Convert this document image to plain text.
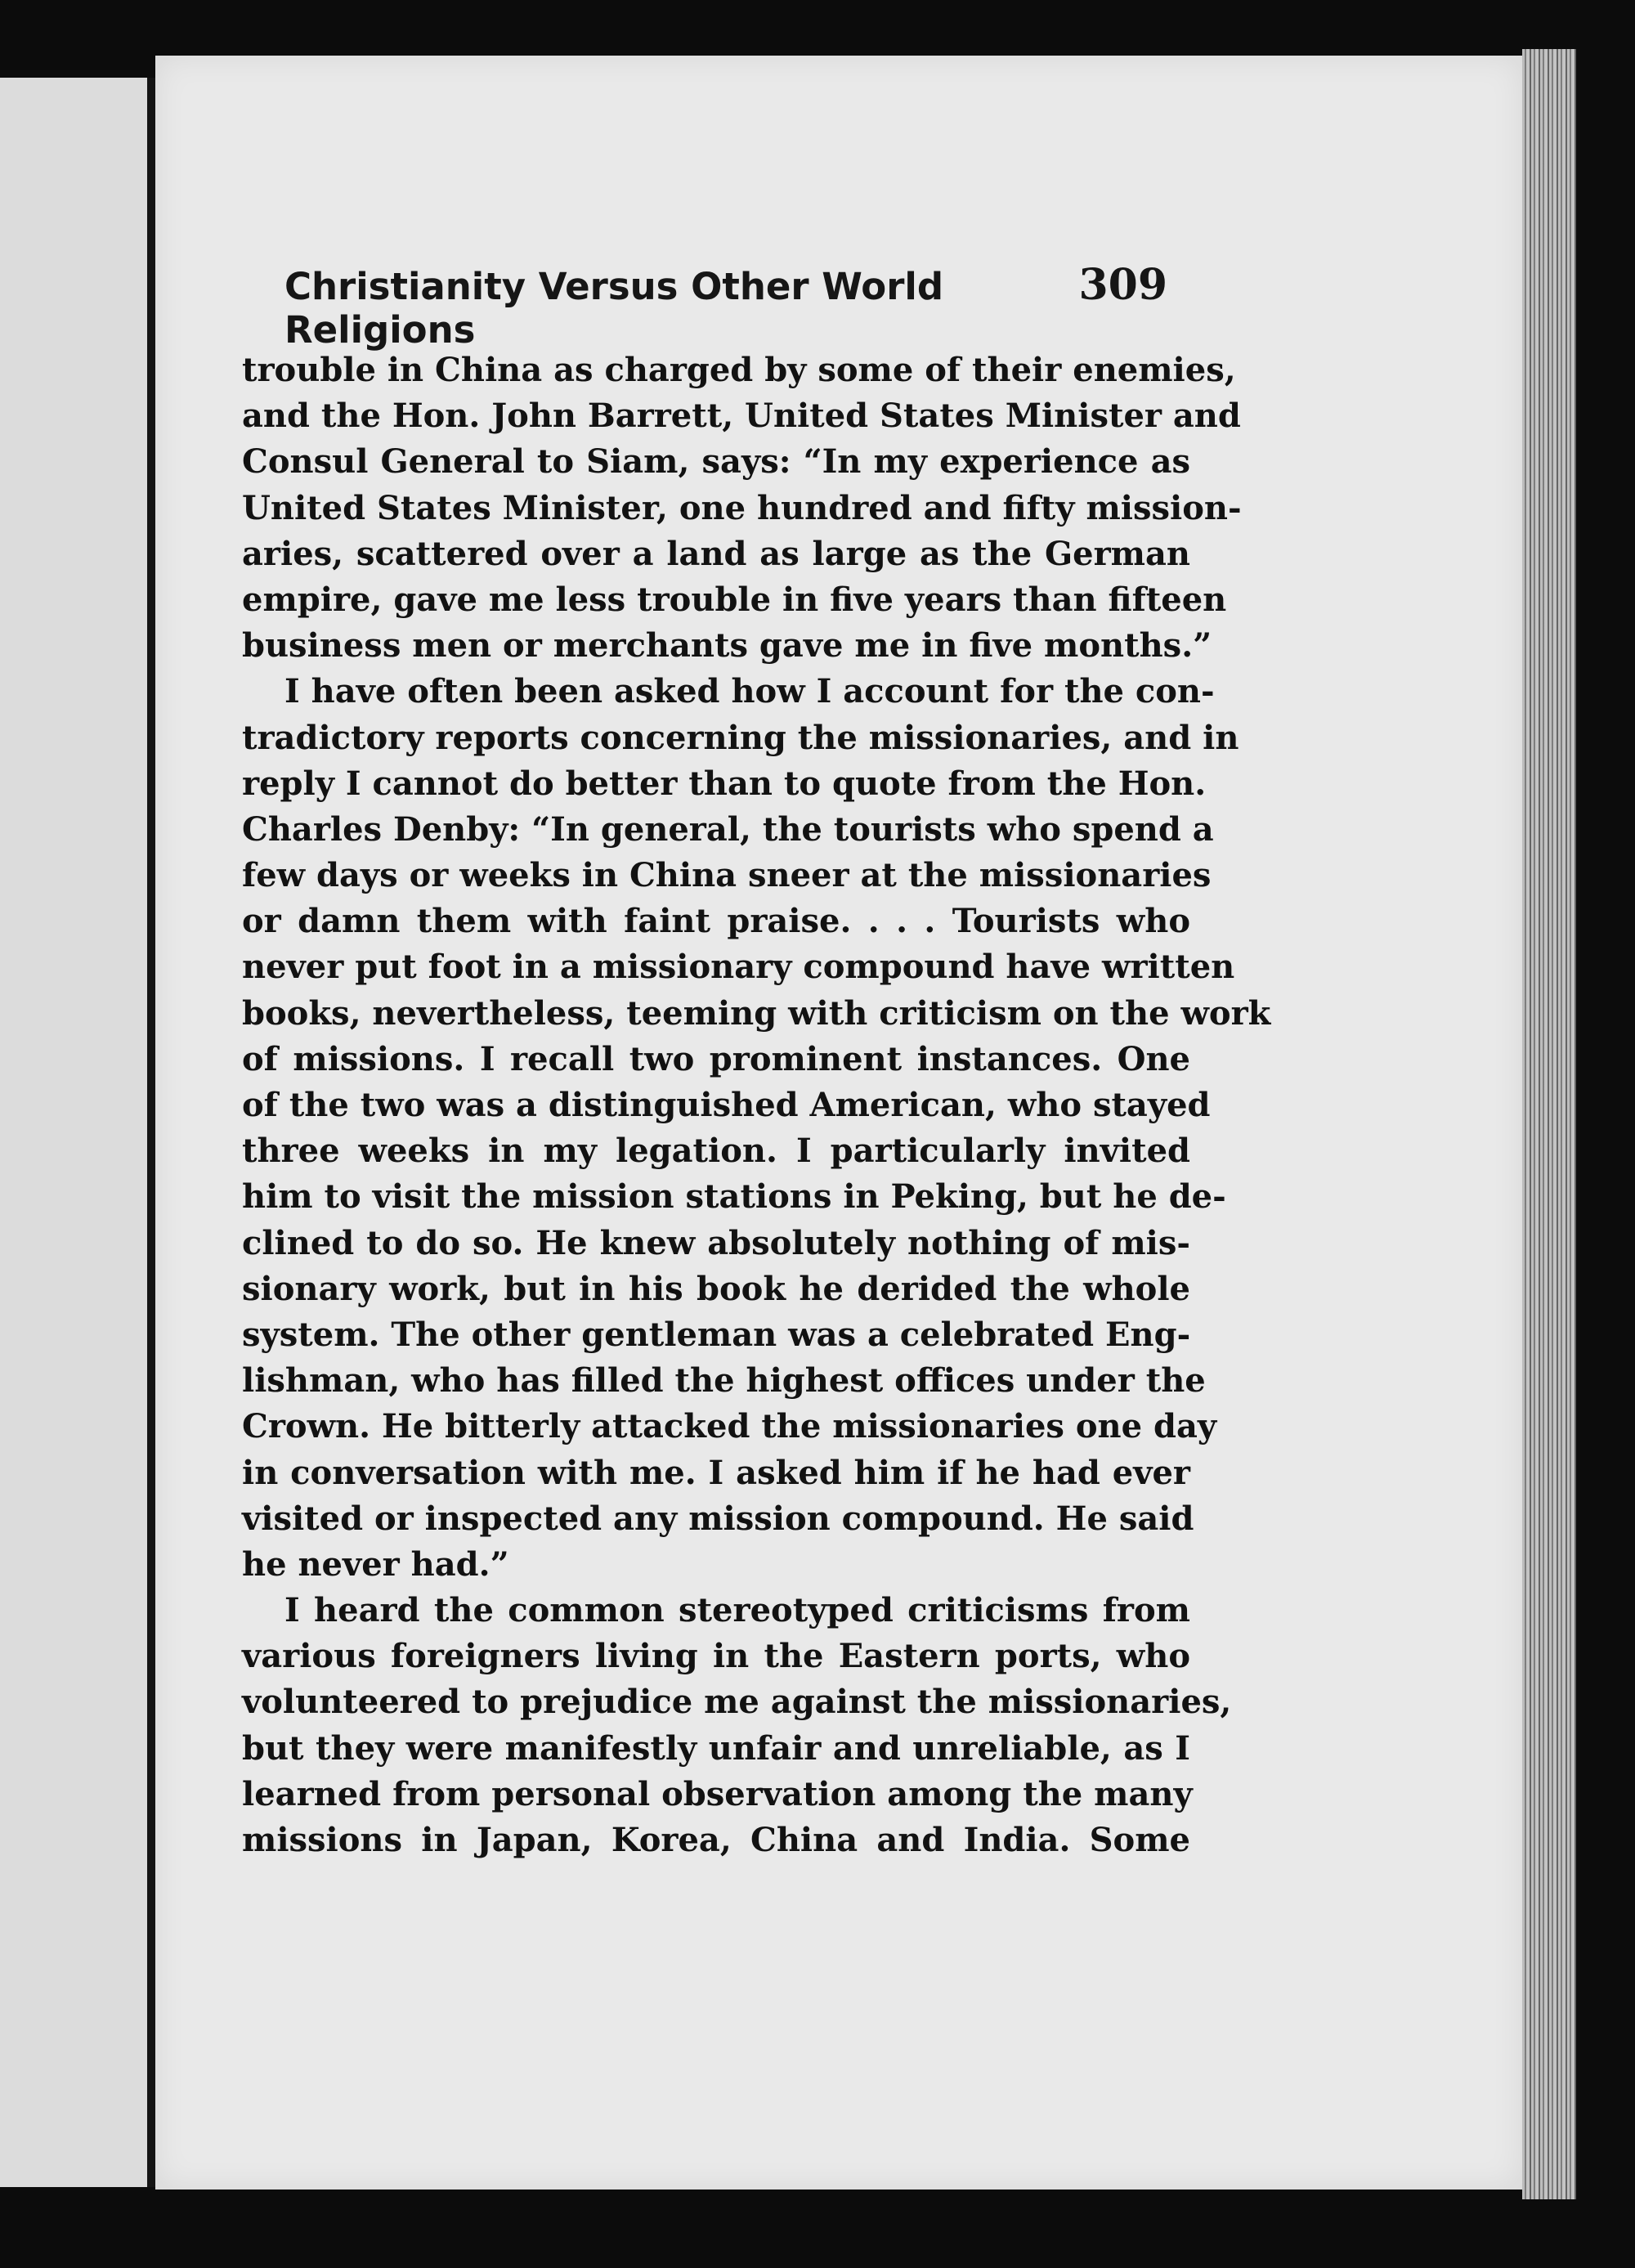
Christianity Versus Other World Religions
309
trouble in China as charged by some of their enemies,
and the Hon. John Barrett, United States Minister and
Consul General to Siam, says: “In my experience as
United States Minister, one hundred and fifty mission-
aries, scattered over a land as large as the German
empire, gave me less trouble in five years than fifteen
business men or merchants gave me in five months.”
I have often been asked how I account for the con-
tradictory reports concerning the missionaries, and in
reply I cannot do better than to quote from the Hon.
Charles Denby: “In general, the tourists who spend a
few days or weeks in China sneer at the missionaries
or damn them with faint praise. . . . Tourists who
never put foot in a missionary compound have written
books, nevertheless, teeming with criticism on the work
of missions. I recall two prominent instances. One
of the two was a distinguished American, who stayed
three weeks in my legation. I particularly invited
him to visit the mission stations in Peking, but he de-
clined to do so. He knew absolutely nothing of mis-
sionary work, but in his book he derided the whole
system. The other gentleman was a celebrated Eng-
lishman, who has filled the highest offices under the
Crown. He bitterly attacked the missionaries one day
in conversation with me. I asked him if he had ever
visited or inspected any mission compound. He said
he never had.”
I heard the common stereotyped criticisms from
various foreigners living in the Eastern ports, who
volunteered to prejudice me against the missionaries,
but they were manifestly unfair and unreliable, as I
learned from personal observation among the many
missions in Japan, Korea, China and India. Some
